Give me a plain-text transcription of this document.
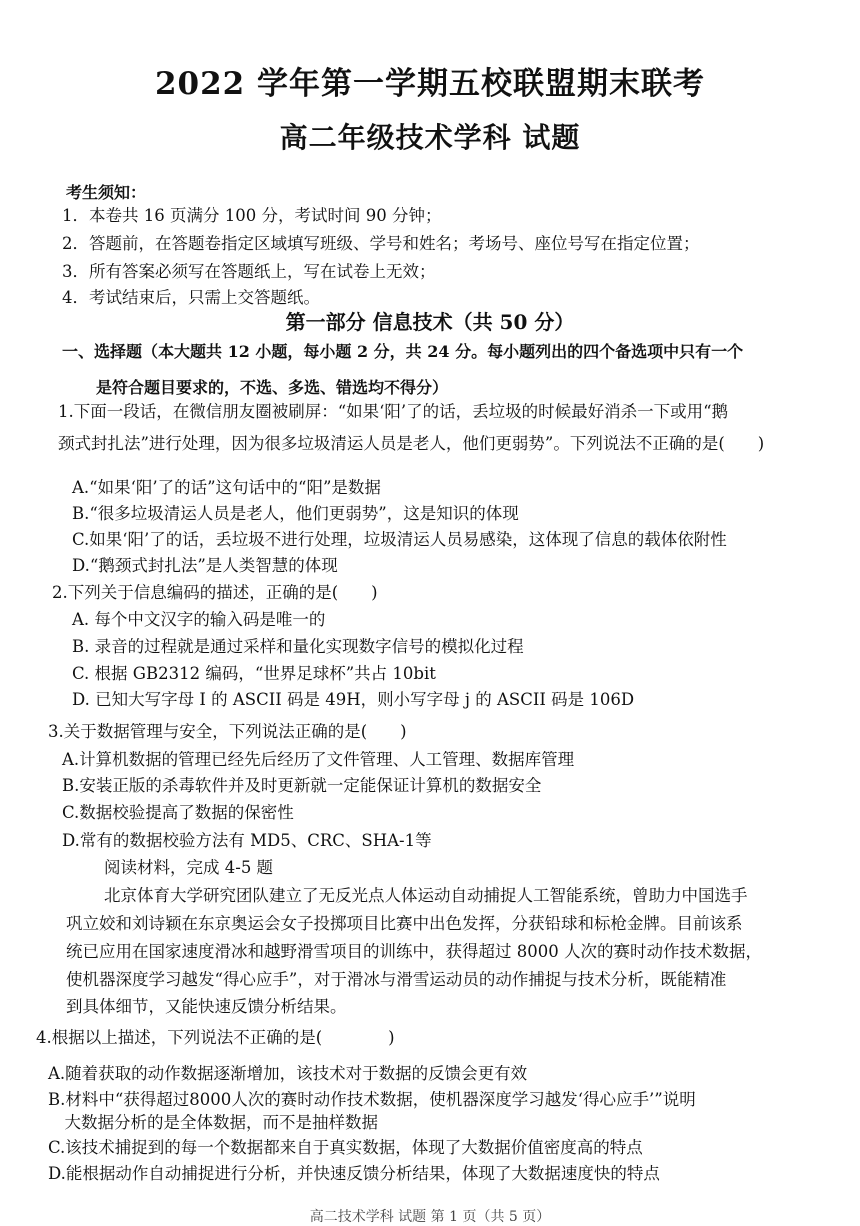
2022 学年第一学期五校联盟期末联考
高二年级技术学科 试题
考生须知：
1．本卷共 16 页满分 100 分，考试时间 90 分钟；
2．答题前，在答题卷指定区域填写班级、学号和姓名；考场号、座位号写在指定位置；
3．所有答案必须写在答题纸上，写在试卷上无效；
4．考试结束后，只需上交答题纸。
第一部分 信息技术（共 50 分）
一、选择题（本大题共 12 小题，每小题 2 分，共 24 分。每小题列出的四个备选项中只有一个
是符合题目要求的，不选、多选、错选均不得分）
1.下面一段话，在微信朋友圈被刷屏：“如果‘阳’了的话，丢垃圾的时候最好消杀一下或用“鹅
颈式封扎法”进行处理，因为很多垃圾清运人员是老人，他们更弱势”。下列说法不正确的是(　　)
A.“如果‘阳’了的话”这句话中的“阳”是数据
B.“很多垃圾清运人员是老人，他们更弱势”，这是知识的体现
C.如果‘阳’了的话，丢垃圾不进行处理，垃圾清运人员易感染，这体现了信息的载体依附性
D.“鹅颈式封扎法”是人类智慧的体现
2.下列关于信息编码的描述，正确的是(　　)
A. 每个中文汉字的输入码是唯一的
B. 录音的过程就是通过采样和量化实现数字信号的模拟化过程
C. 根据 GB2312 编码，“世界足球杯”共占 10bit
D. 已知大写字母 I 的 ASCII 码是 49H，则小写字母 j 的 ASCII 码是 106D
3.关于数据管理与安全，下列说法正确的是(　　)
A.计算机数据的管理已经先后经历了文件管理、人工管理、数据库管理
B.安装正版的杀毒软件并及时更新就一定能保证计算机的数据安全
C.数据校验提高了数据的保密性
D.常有的数据校验方法有 MD5、CRC、SHA-1等
阅读材料，完成 4-5 题
北京体育大学研究团队建立了无反光点人体运动自动捕捉人工智能系统，曾助力中国选手
巩立姣和刘诗颖在东京奥运会女子投掷项目比赛中出色发挥，分获铅球和标枪金牌。目前该系
统已应用在国家速度滑冰和越野滑雪项目的训练中，获得超过 8000 人次的赛时动作技术数据，
使机器深度学习越发“得心应手”，对于滑冰与滑雪运动员的动作捕捉与技术分析，既能精准
到具体细节，又能快速反馈分析结果。
4.根据以上描述，下列说法不正确的是(　　　　)
A.随着获取的动作数据逐渐增加，该技术对于数据的反馈会更有效
B.材料中“获得超过8000人次的赛时动作技术数据，使机器深度学习越发‘得心应手’”说明
　大数据分析的是全体数据，而不是抽样数据
C.该技术捕捉到的每一个数据都来自于真实数据，体现了大数据价值密度高的特点
D.能根据动作自动捕捉进行分析，并快速反馈分析结果，体现了大数据速度快的特点
高二技术学科 试题 第 1 页（共 5 页）
